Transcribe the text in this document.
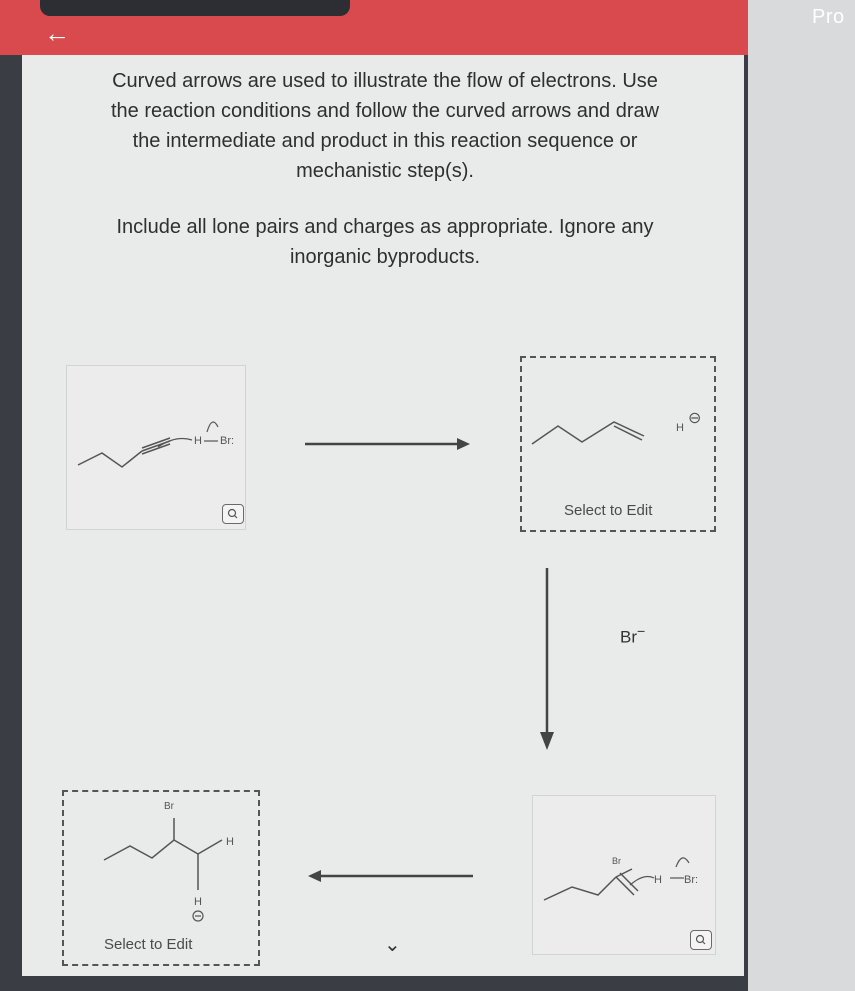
←
Pro
Curved arrows are used to illustrate the flow of electrons. Use
the reaction conditions and follow the curved arrows and draw
the intermediate and product in this reaction sequence or
mechanistic step(s).
Include all lone pairs and charges as appropriate. Ignore any
inorganic byproducts.
H Br:
H
⊖
Select to Edit
Br−
Br
H Br:
⌄
Br
H
H
Select to Edit
